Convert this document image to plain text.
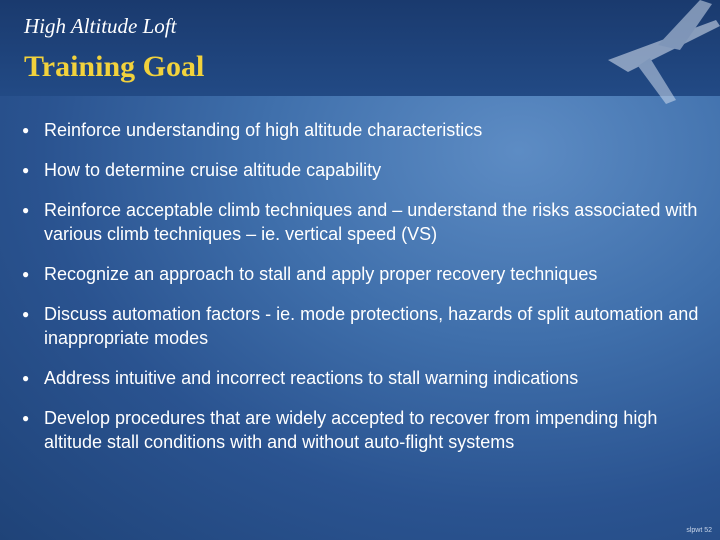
High Altitude Loft
Training Goal
● Reinforce understanding of high altitude characteristics
● How to determine cruise altitude capability
● Reinforce acceptable climb techniques and – understand the risks associated with various climb techniques – ie. vertical speed (VS)
● Recognize an approach to stall and apply proper recovery techniques
● Discuss automation factors - ie. mode protections, hazards of split automation and inappropriate modes
● Address intuitive and incorrect reactions to stall warning indications
● Develop procedures that are widely accepted to recover from impending high altitude stall conditions with and without auto-flight systems
slpwt 52
